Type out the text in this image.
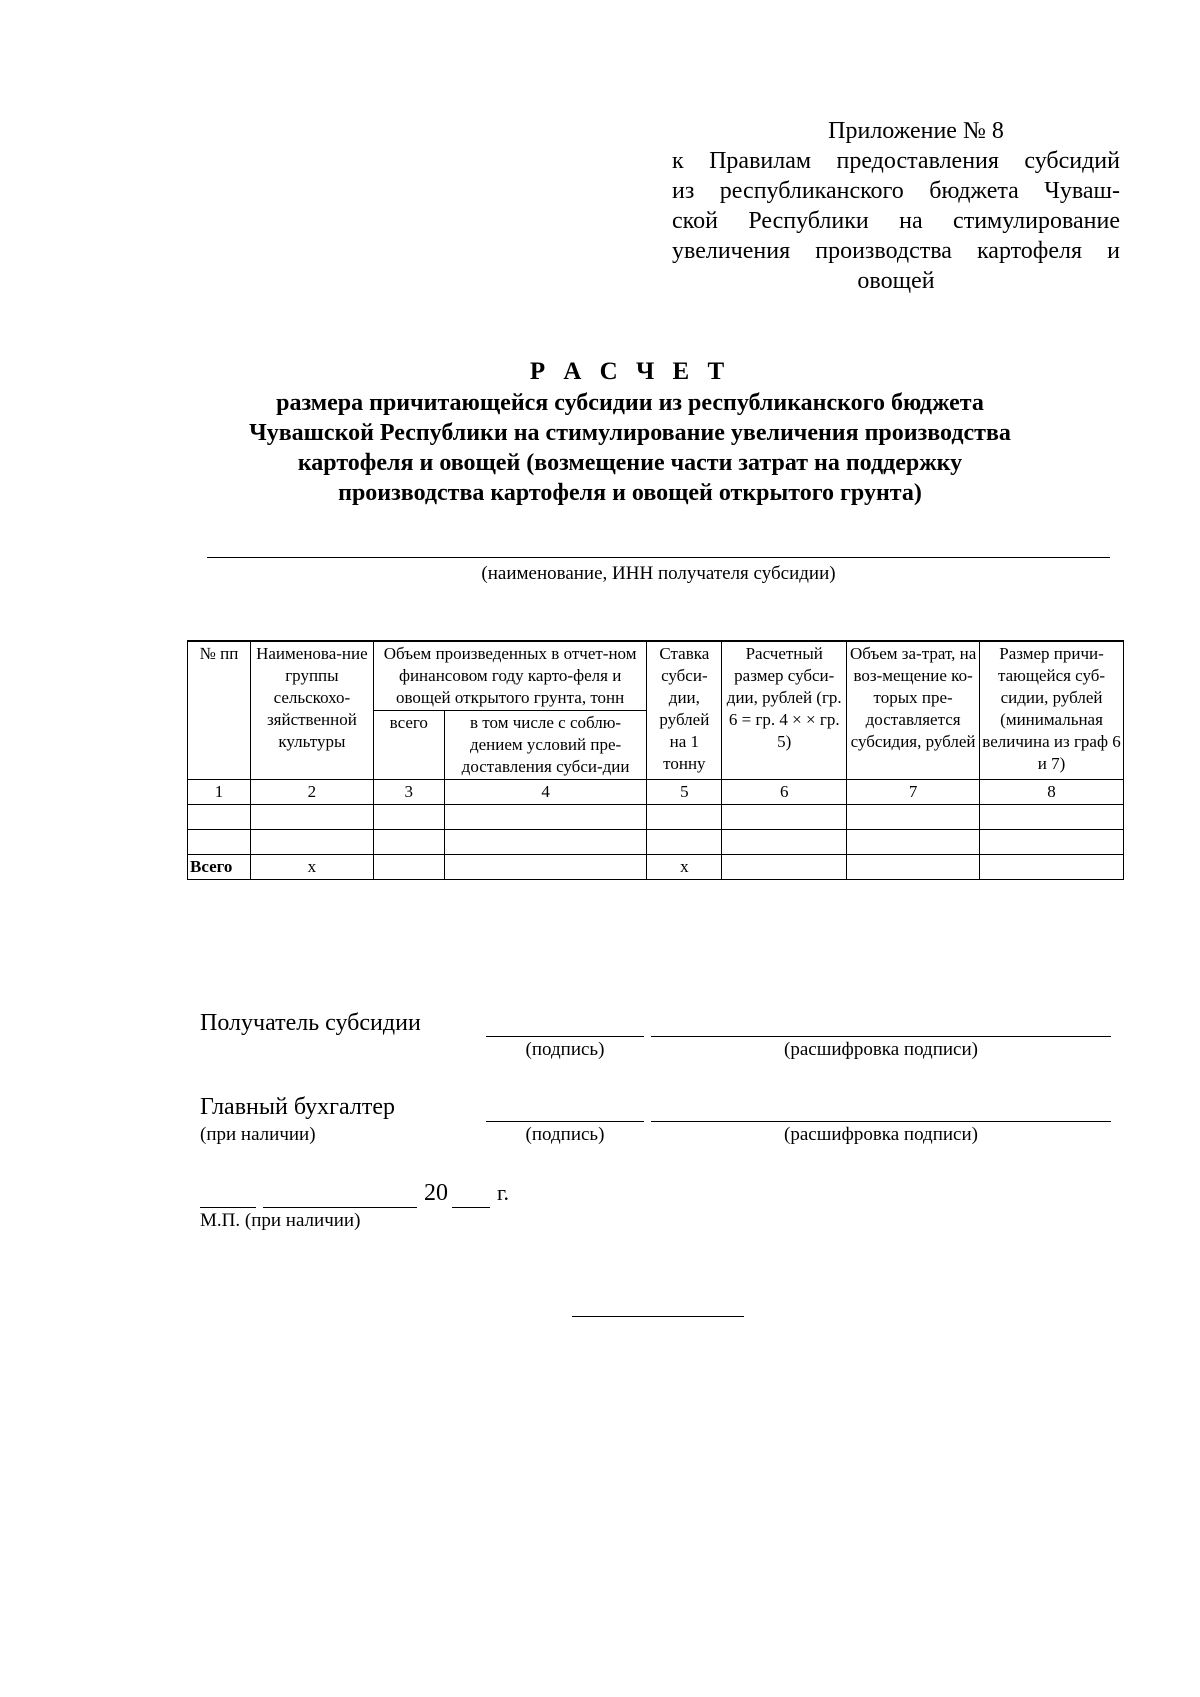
Приложение № 8
к Правилам предоставления субсидий
из республиканского бюджета Чуваш-
ской Республики на стимулирование
увеличения производства картофеля и
овощей
Р А С Ч Е Т
размера причитающейся субсидии из республиканского бюджета
Чувашской Республики на стимулирование увеличения производства
картофеля и овощей (возмещение части затрат на поддержку
производства картофеля и овощей открытого грунта)
(наименование, ИНН получателя субсидии)
№ пп	Наименова-ние группы сельскохо-зяйственной культуры	Объем произведенных в отчет-ном финансовом году карто-феля и овощей открытого грунта, тонн		Ставка субси-дии, рублей на 1 тонну	Расчетный размер субси-дии, рублей (гр. 6 = гр. 4 × × гр. 5)	Объем за-трат, на воз-мещение ко-торых пре-доставляется субсидия, рублей	Размер причи-тающейся суб-сидии, рублей (минимальная величина из граф 6 и 7)
		всего	в том числе с соблю-дением условий пре-доставления субси-дии				
1	2	3	4	5	6	7	8

Всего	х			х			
Получатель субсидии
(подпись)	(расшифровка подписи)
Главный бухгалтер
(при наличии)	(подпись)	(расшифровка подписи)
20 г.
М.П. (при наличии)
